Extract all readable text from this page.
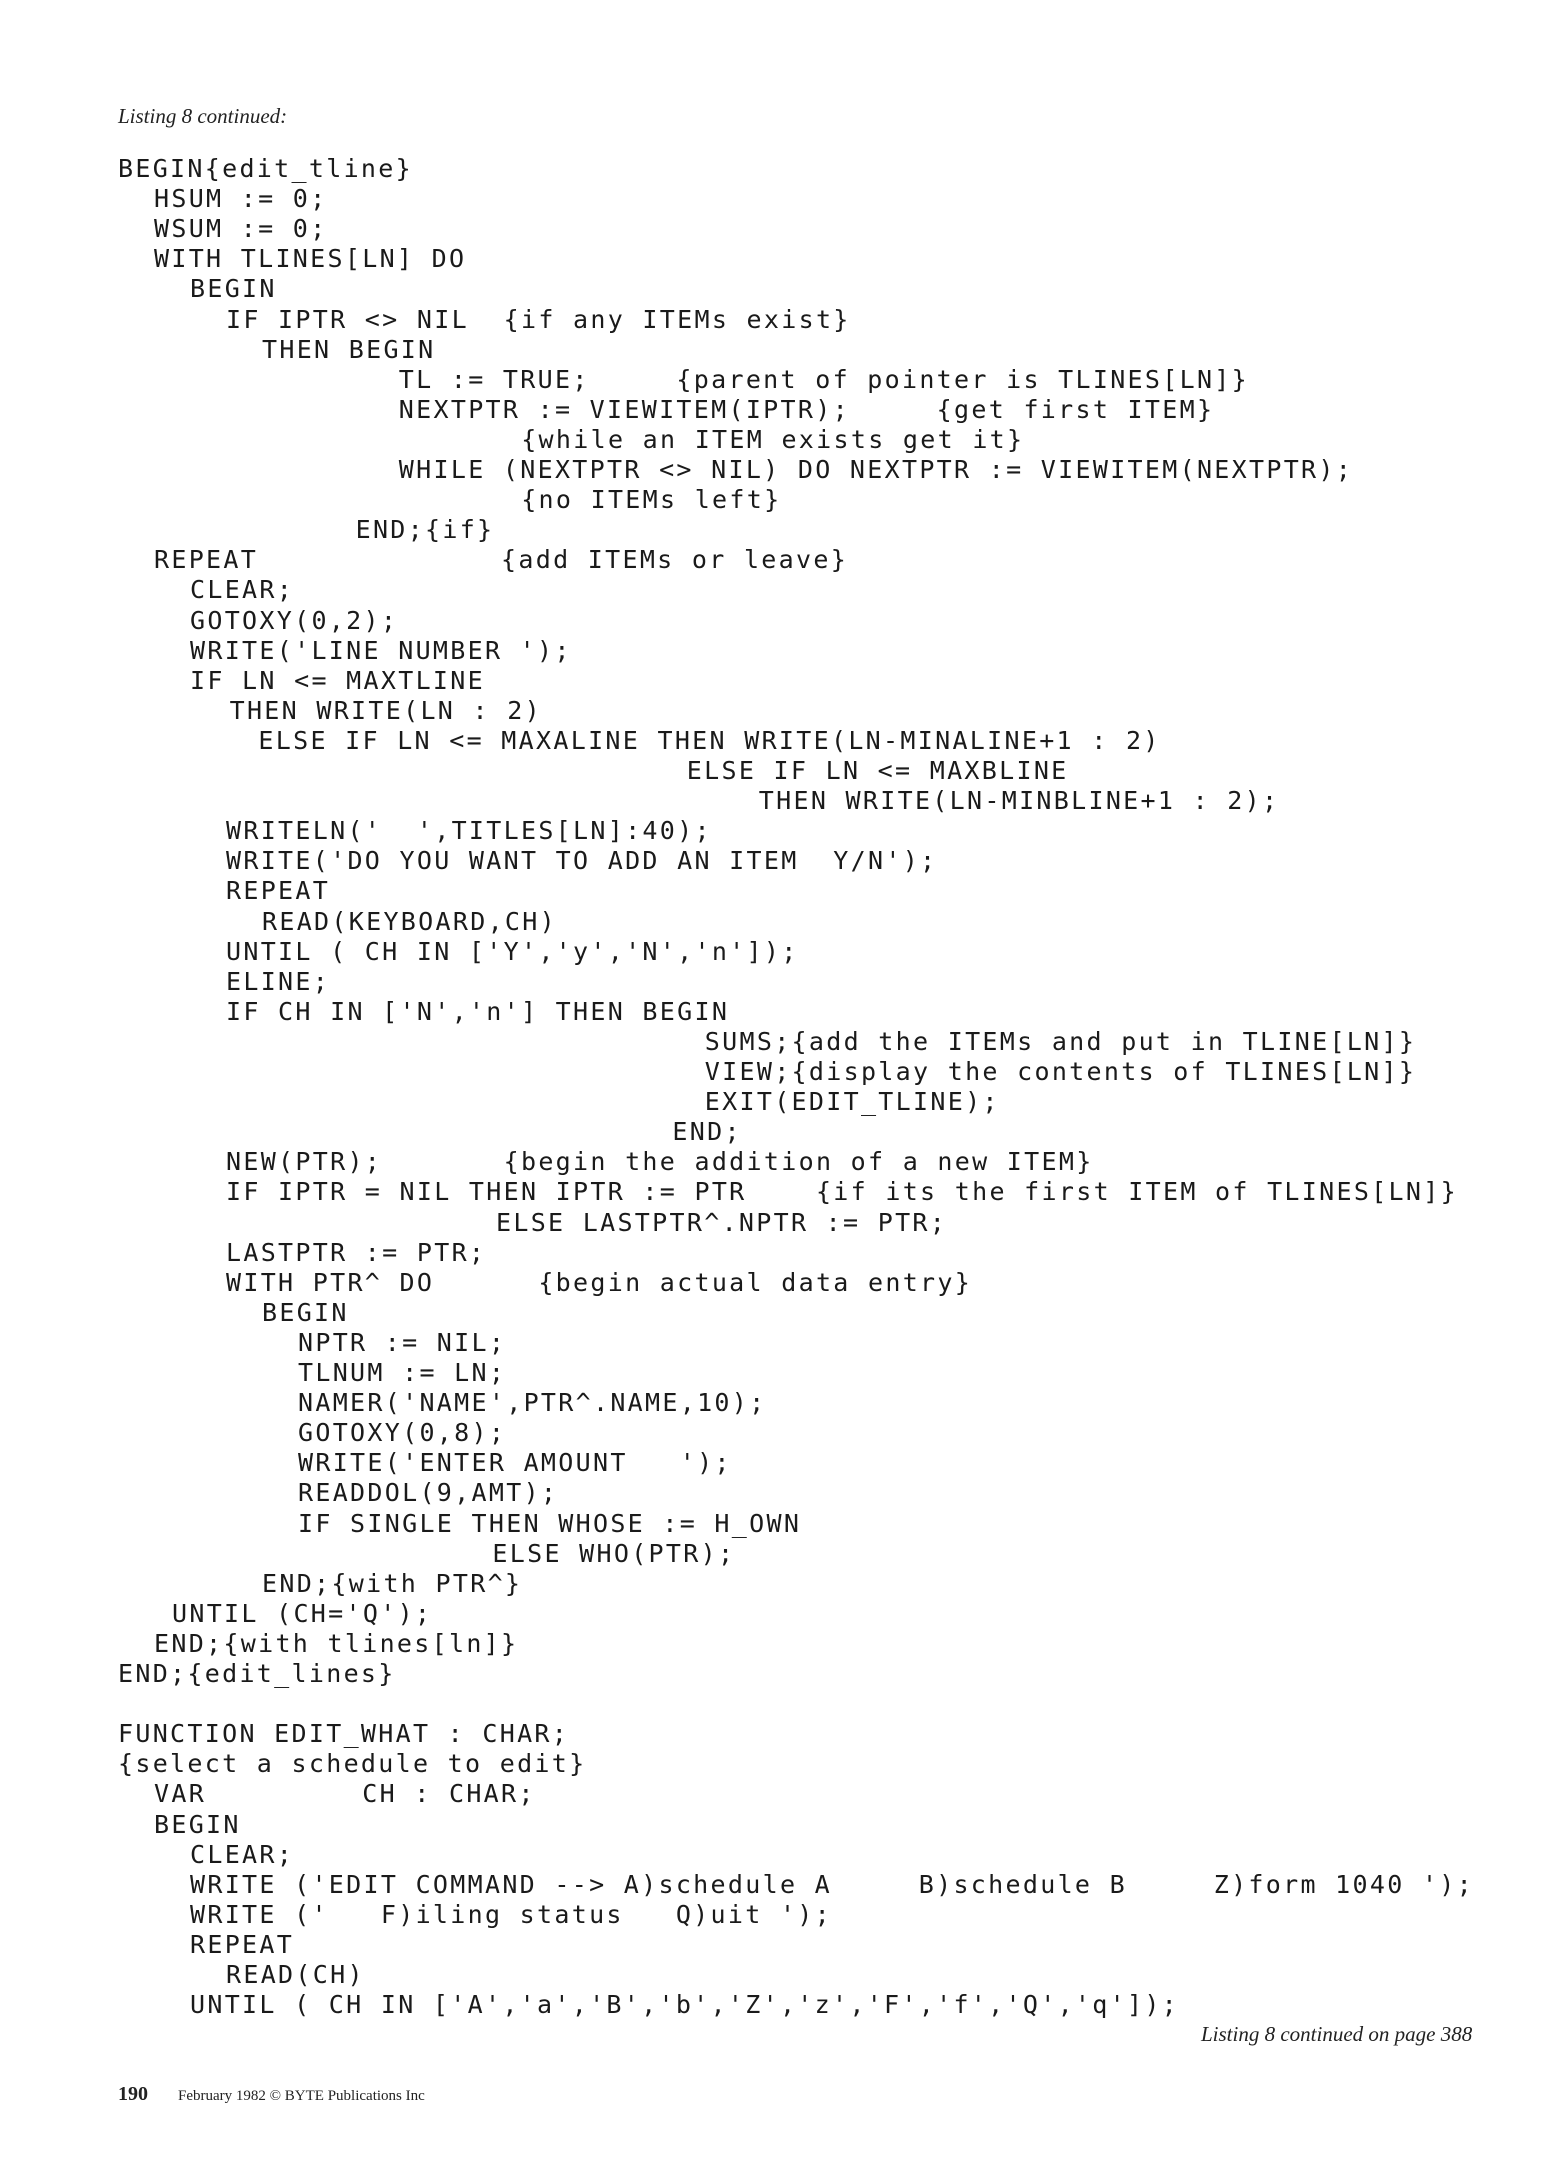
Listing 8 continued:
BEGIN{edit_tline}
HSUM := 0;
WSUM := 0;
WITH TLINES[LN] DO
BEGIN
IF IPTR <> NIL  {if any ITEMs exist}
THEN BEGIN
TL := TRUE;     {parent of pointer is TLINES[LN]}
NEXTPTR := VIEWITEM(IPTR);     {get first ITEM}
{while an ITEM exists get it}
WHILE (NEXTPTR <> NIL) DO NEXTPTR := VIEWITEM(NEXTPTR);
{no ITEMs left}
END;{if}
REPEAT              {add ITEMs or leave}
CLEAR;
GOTOXY(0,2);
WRITE('LINE NUMBER ');
IF LN <= MAXTLINE
THEN WRITE(LN : 2)
ELSE IF LN <= MAXALINE THEN WRITE(LN-MINALINE+1 : 2)
ELSE IF LN <= MAXBLINE
THEN WRITE(LN-MINBLINE+1 : 2);
WRITELN('  ',TITLES[LN]:40);
WRITE('DO YOU WANT TO ADD AN ITEM  Y/N');
REPEAT
READ(KEYBOARD,CH)
UNTIL ( CH IN ['Y','y','N','n']);
ELINE;
IF CH IN ['N','n'] THEN BEGIN
SUMS;{add the ITEMs and put in TLINE[LN]}
VIEW;{display the contents of TLINES[LN]}
EXIT(EDIT_TLINE);
END;
NEW(PTR);       {begin the addition of a new ITEM}
IF IPTR = NIL THEN IPTR := PTR    {if its the first ITEM of TLINES[LN]}
ELSE LASTPTR^.NPTR := PTR;
LASTPTR := PTR;
WITH PTR^ DO      {begin actual data entry}
BEGIN
NPTR := NIL;
TLNUM := LN;
NAMER('NAME',PTR^.NAME,10);
GOTOXY(0,8);
WRITE('ENTER AMOUNT   ');
READDOL(9,AMT);
IF SINGLE THEN WHOSE := H_OWN
ELSE WHO(PTR);
END;{with PTR^}
UNTIL (CH='Q');
END;{with tlines[ln]}
END;{edit_lines}
FUNCTION EDIT_WHAT : CHAR;
{select a schedule to edit}
VAR         CH : CHAR;
BEGIN
CLEAR;
WRITE ('EDIT COMMAND --> A)schedule A     B)schedule B     Z)form 1040 ');
WRITE ('   F)iling status   Q)uit ');
REPEAT
READ(CH)
UNTIL ( CH IN ['A','a','B','b','Z','z','F','f','Q','q']);
Listing 8 continued on page 388
190 February 1982 © BYTE Publications Inc
